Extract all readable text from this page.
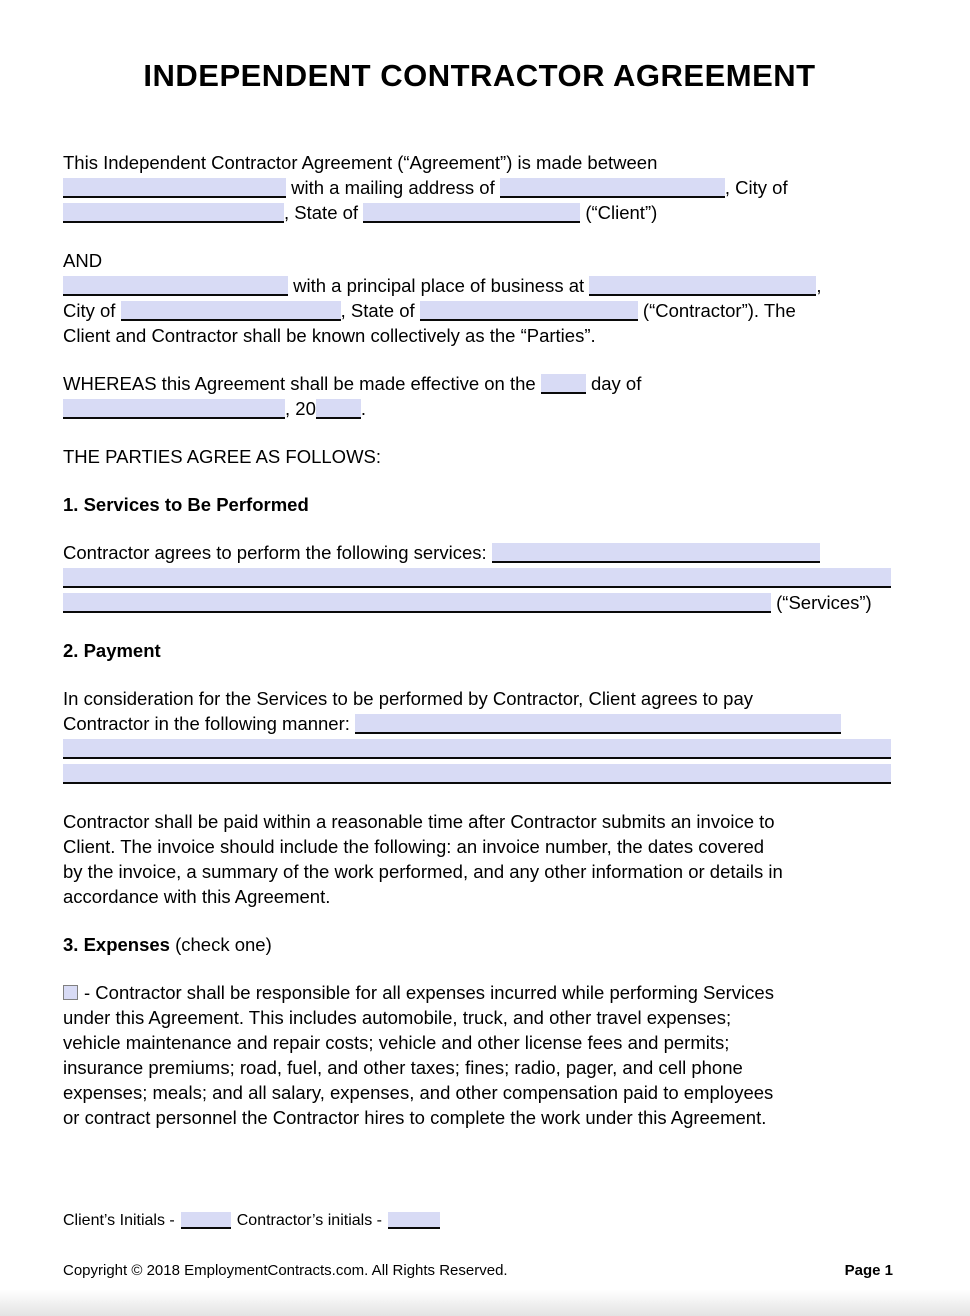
INDEPENDENT CONTRACTOR AGREEMENT

This Independent Contractor Agreement (“Agreement”) is made between
with a mailing address of	, City of
, State of	(“Client”)

AND
with a principal place of business at	,
City of	, State of	(“Contractor”). The
Client and Contractor shall be known collectively as the “Parties”.

WHEREAS this Agreement shall be made effective on the	day of
, 20 .

THE PARTIES AGREE AS FOLLOWS:

1. Services to Be Performed

Contractor agrees to perform the following services:
(“Services”)

2. Payment

In consideration for the Services to be performed by Contractor, Client agrees to pay
Contractor in the following manner:

Contractor shall be paid within a reasonable time after Contractor submits an invoice to
Client. The invoice should include the following: an invoice number, the dates covered
by the invoice, a summary of the work performed, and any other information or details in
accordance with this Agreement.

3. Expenses (check one)

- Contractor shall be responsible for all expenses incurred while performing Services
under this Agreement. This includes automobile, truck, and other travel expenses;
vehicle maintenance and repair costs; vehicle and other license fees and permits;
insurance premiums; road, fuel, and other taxes; fines; radio, pager, and cell phone
expenses; meals; and all salary, expenses, and other compensation paid to employees
or contract personnel the Contractor hires to complete the work under this Agreement.

Client’s Initials -	Contractor’s initials -
Copyright © 2018 EmploymentContracts.com. All Rights Reserved.	Page 1
